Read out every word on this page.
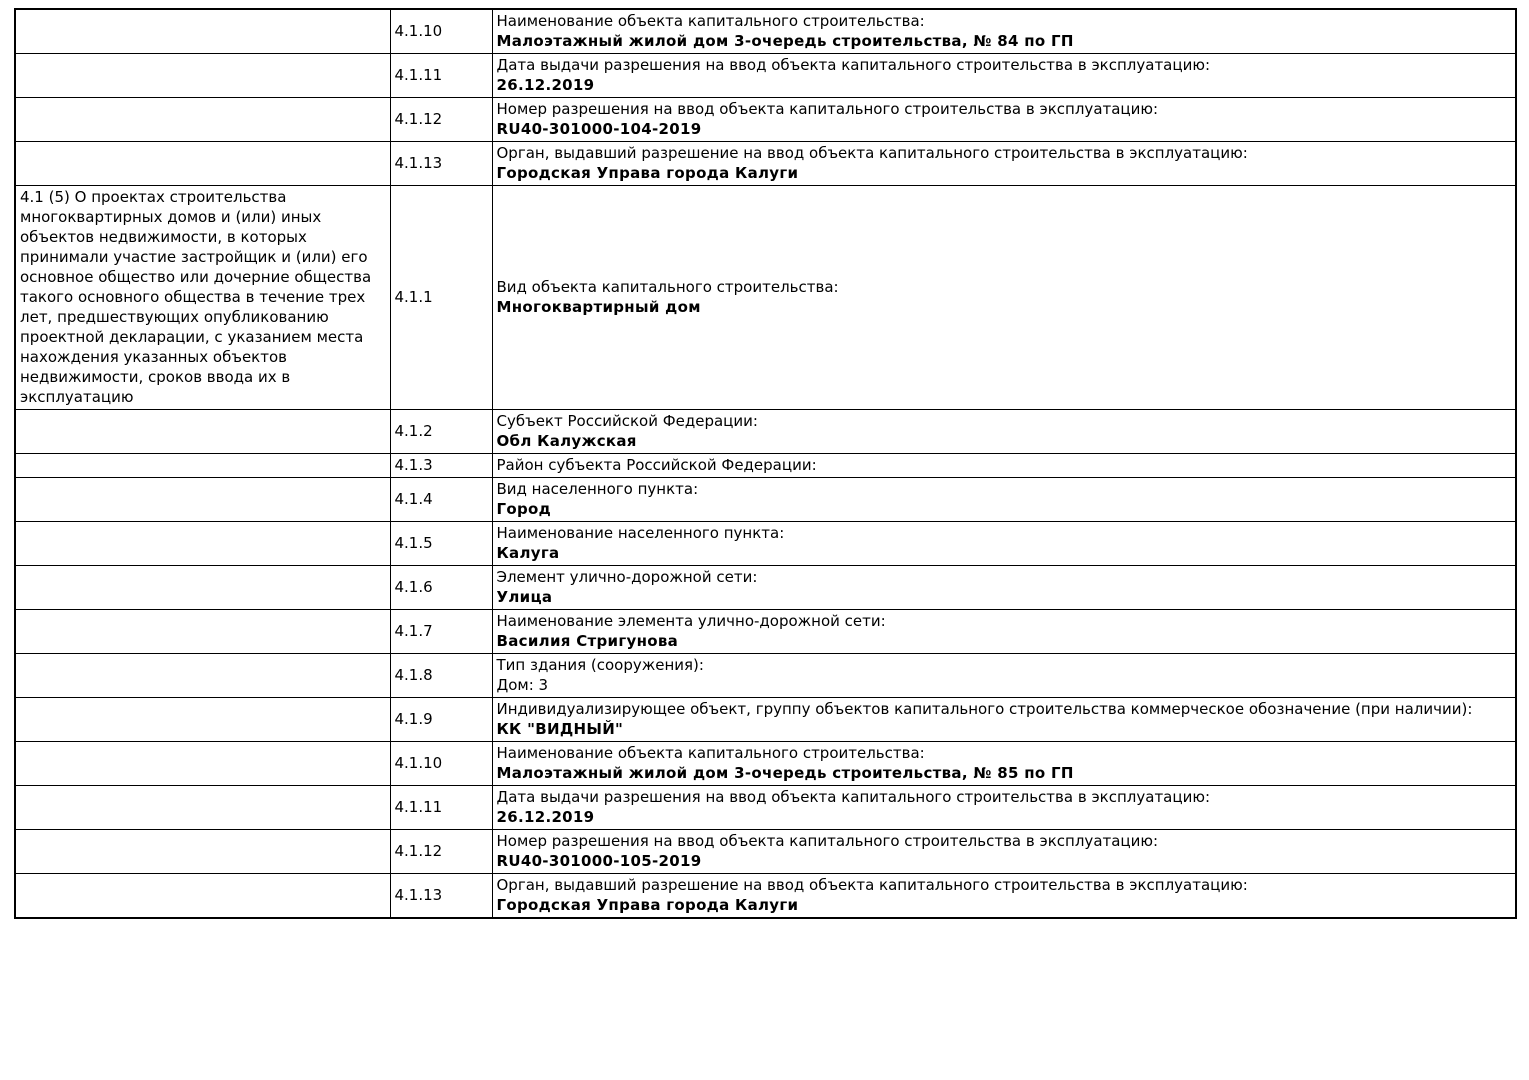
	4.1.10	Наименование объекта капитального строительства:
Малоэтажный жилой дом 3-очередь строительства, № 84 по ГП

	4.1.11	Дата выдачи разрешения на ввод объекта капитального строительства в эксплуатацию:
26.12.2019

	4.1.12	Номер разрешения на ввод объекта капитального строительства в эксплуатацию:
RU40-301000-104-2019

	4.1.13	Орган, выдавший разрешение на ввод объекта капитального строительства в эксплуатацию:
Городская Управа города Калуги

4.1 (5) О проектах строительства многоквартирных домов и (или) иных объектов недвижимости, в которых принимали участие застройщик и (или) его основное общество или дочерние общества такого основного общества в течение трех лет, предшествующих опубликованию проектной декларации, с указанием места нахождения указанных объектов недвижимости, сроков ввода их в эксплуатацию	4.1.1	Вид объекта капитального строительства:
Многоквартирный дом

	4.1.2	Субъект Российской Федерации:
Обл Калужская

	4.1.3	Район субъекта Российской Федерации:

	4.1.4	Вид населенного пункта:
Город

	4.1.5	Наименование населенного пункта:
Калуга

	4.1.6	Элемент улично-дорожной сети:
Улица

	4.1.7	Наименование элемента улично-дорожной сети:
Василия Стригунова

	4.1.8	Тип здания (сооружения):
Дом: 3

	4.1.9	Индивидуализирующее объект, группу объектов капитального строительства коммерческое обозначение (при наличии):
КК "ВИДНЫЙ"

	4.1.10	Наименование объекта капитального строительства:
Малоэтажный жилой дом 3-очередь строительства, № 85 по ГП

	4.1.11	Дата выдачи разрешения на ввод объекта капитального строительства в эксплуатацию:
26.12.2019

	4.1.12	Номер разрешения на ввод объекта капитального строительства в эксплуатацию:
RU40-301000-105-2019

	4.1.13	Орган, выдавший разрешение на ввод объекта капитального строительства в эксплуатацию:
Городская Управа города Калуги
